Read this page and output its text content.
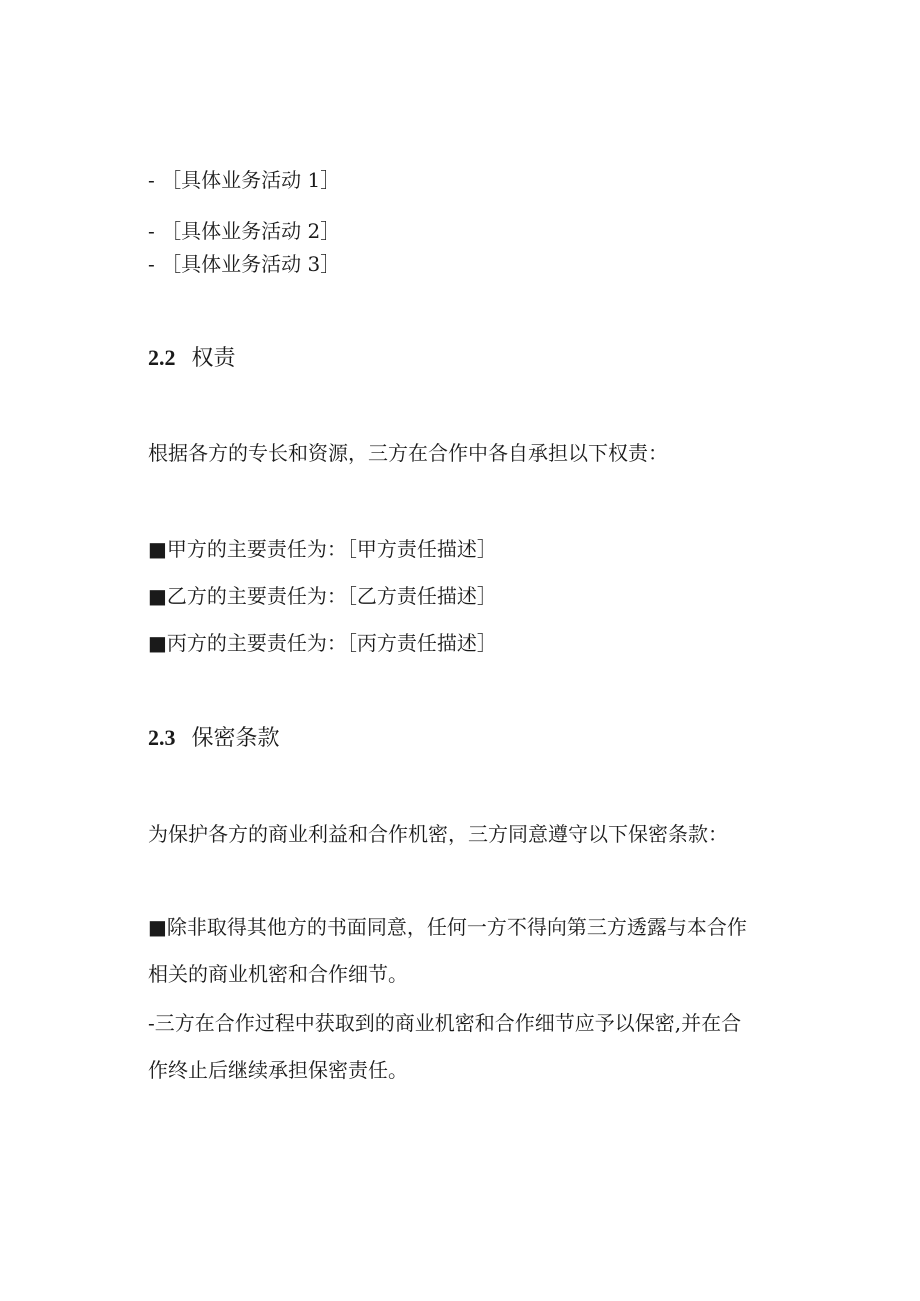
- ［具体业务活动 1］
- ［具体业务活动 2］
- ［具体业务活动 3］
2.2 权责
根据各方的专长和资源，三方在合作中各自承担以下权责：
■甲方的主要责任为：［甲方责任描述］
■乙方的主要责任为：［乙方责任描述］
■丙方的主要责任为：［丙方责任描述］
2.3 保密条款
为保护各方的商业利益和合作机密，三方同意遵守以下保密条款：
■除非取得其他方的书面同意，任何一方不得向第三方透露与本合作
相关的商业机密和合作细节。
-三方在合作过程中获取到的商业机密和合作细节应予以保密,并在合
作终止后继续承担保密责任。
